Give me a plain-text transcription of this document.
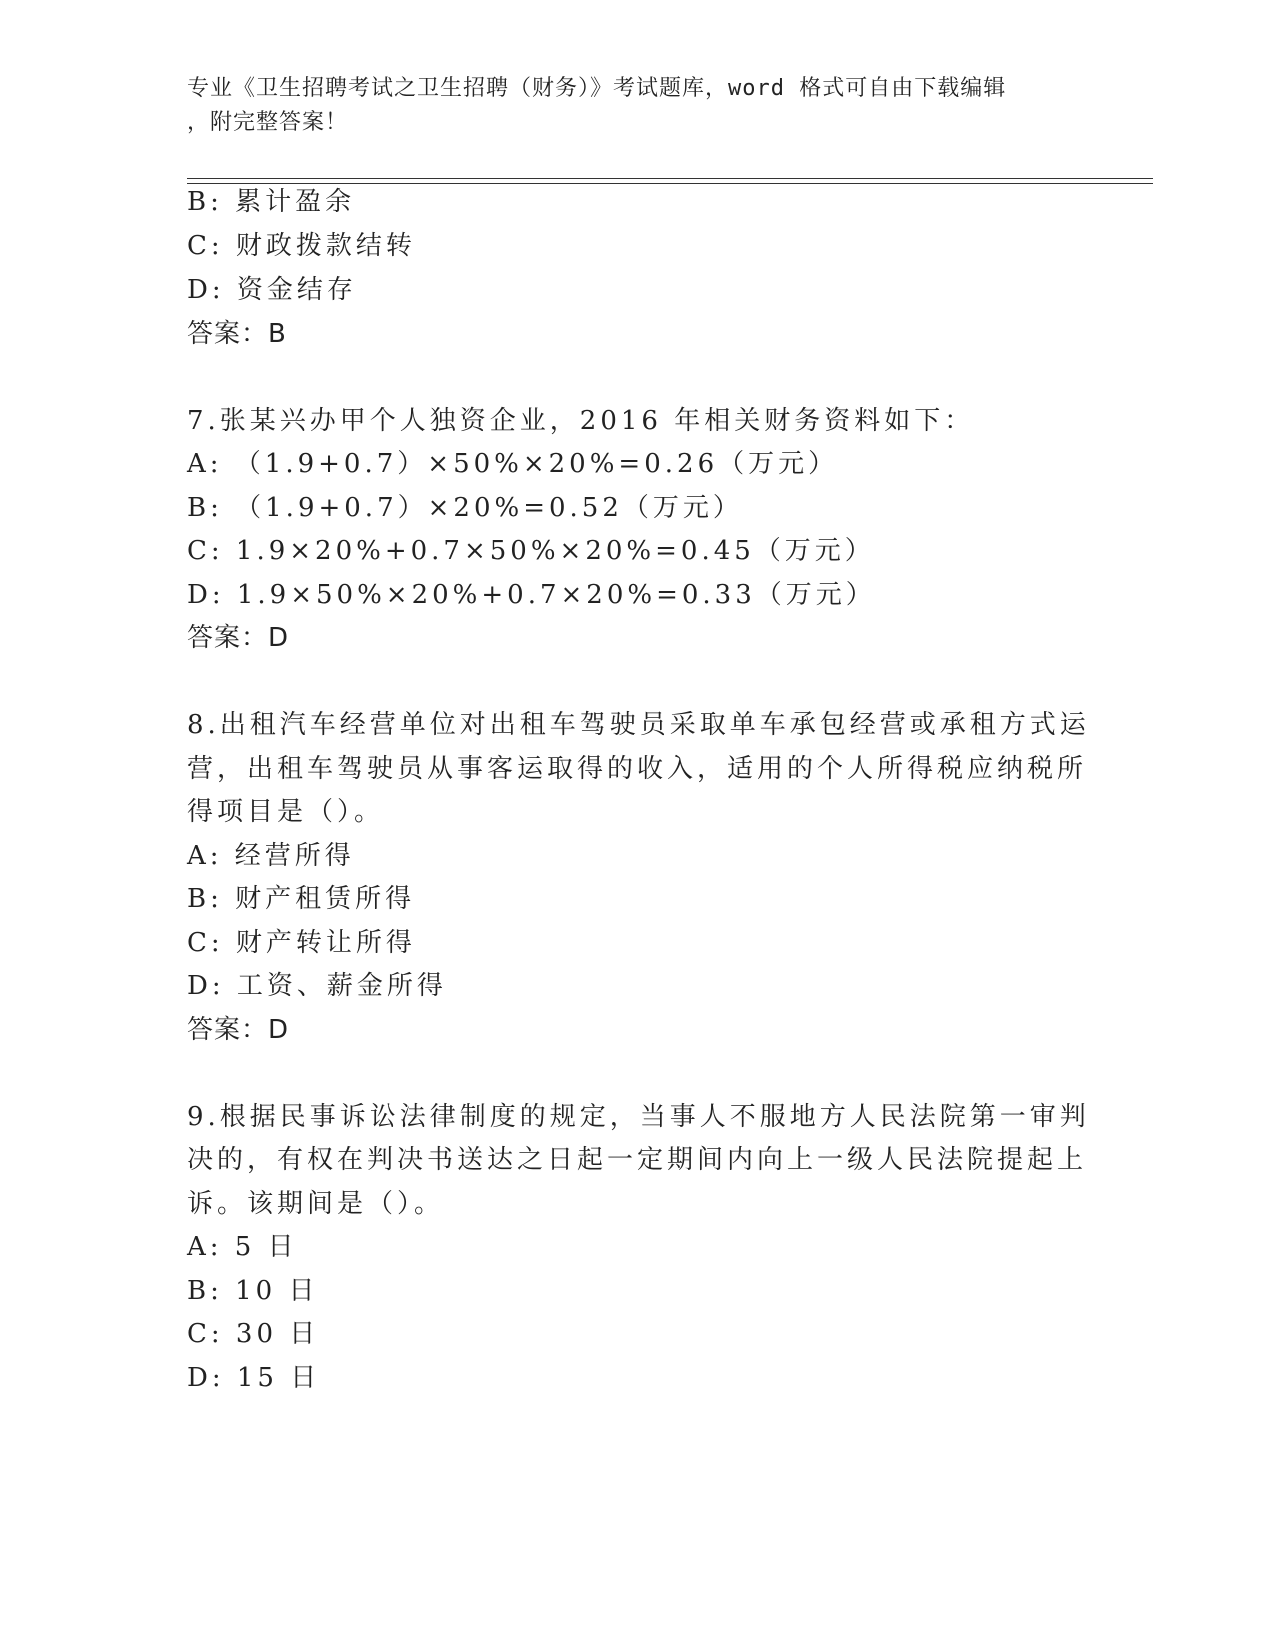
专业《卫生招聘考试之卫生招聘（财务）》考试题库，word 格式可自由下载编辑
，附完整答案！
B: 累计盈余
C: 财政拨款结转
D: 资金结存
答案：B
7.张某兴办甲个人独资企业，2016 年相关财务资料如下：
A: （1.9+0.7）×50%×20%=0.26（万元）
B: （1.9+0.7）×20%=0.52（万元）
C: 1.9×20%+0.7×50%×20%=0.45（万元）
D: 1.9×50%×20%+0.7×20%=0.33（万元）
答案：D
8.出租汽车经营单位对出租车驾驶员采取单车承包经营或承租方式运
营，出租车驾驶员从事客运取得的收入，适用的个人所得税应纳税所
得项目是（）。
A: 经营所得
B: 财产租赁所得
C: 财产转让所得
D: 工资、薪金所得
答案：D
9.根据民事诉讼法律制度的规定，当事人不服地方人民法院第一审判
决的，有权在判决书送达之日起一定期间内向上一级人民法院提起上
诉。该期间是（）。
A: 5 日
B: 10 日
C: 30 日
D: 15 日
